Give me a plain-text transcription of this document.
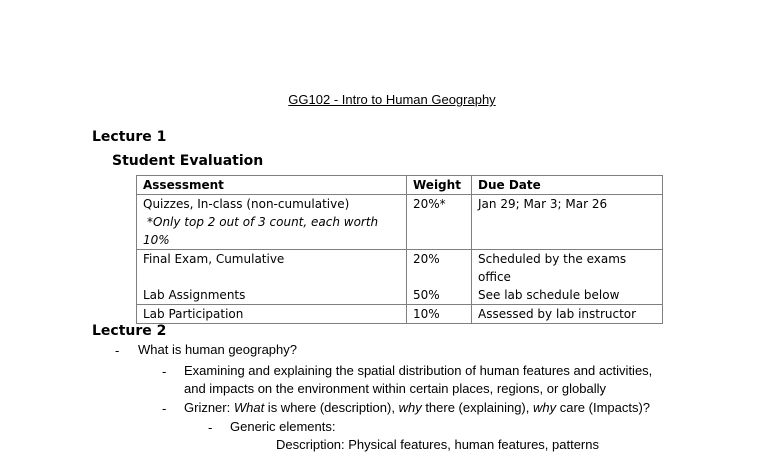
GG102 - Intro to Human Geography
Lecture 1
Student Evaluation
Assessment	Weight	Due Date
Quizzes, In-class (non-cumulative)

*Only top 2 out of 3 count, each worth
10%	20%*	Jan 29; Mar 3; Mar 26
Final Exam, Cumulative	20%	Scheduled by the exams office
Lab Assignments	50%	See lab schedule below
Lab Participation	10%	Assessed by lab instructor
Lecture 2
- What is human geography?
- Examining and explaining the spatial distribution of human features and activities,
and impacts on the environment within certain places, regions, or globally
- Grizner: What is where (description), why there (explaining), why care (Impacts)?
- Generic elements:
Description: Physical features, human features, patterns
